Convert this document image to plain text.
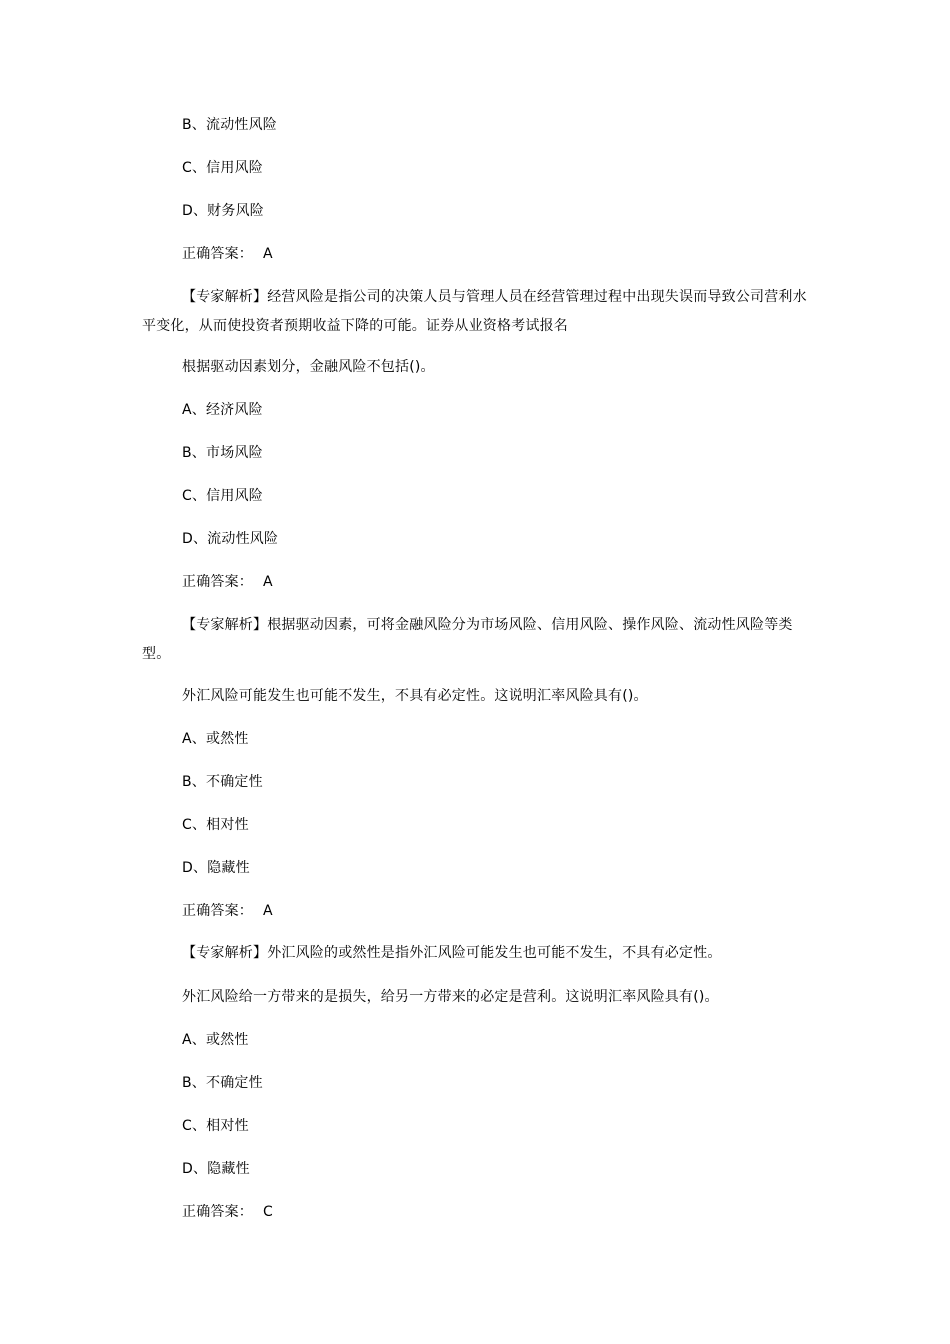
B、流动性风险
C、信用风险
D、财务风险
正确答案： A
【专家解析】经营风险是指公司的决策人员与管理人员在经营管理过程中出现失误而导致公司营利水平变化，从而使投资者预期收益下降的可能。证券从业资格考试报名
根据驱动因素划分，金融风险不包括()。
A、经济风险
B、市场风险
C、信用风险
D、流动性风险
正确答案： A
【专家解析】根据驱动因素，可将金融风险分为市场风险、信用风险、操作风险、流动性风险等类型。
外汇风险可能发生也可能不发生，不具有必定性。这说明汇率风险具有()。
A、或然性
B、不确定性
C、相对性
D、隐藏性
正确答案： A
【专家解析】外汇风险的或然性是指外汇风险可能发生也可能不发生，不具有必定性。
外汇风险给一方带来的是损失，给另一方带来的必定是营利。这说明汇率风险具有()。
A、或然性
B、不确定性
C、相对性
D、隐藏性
正确答案： C
